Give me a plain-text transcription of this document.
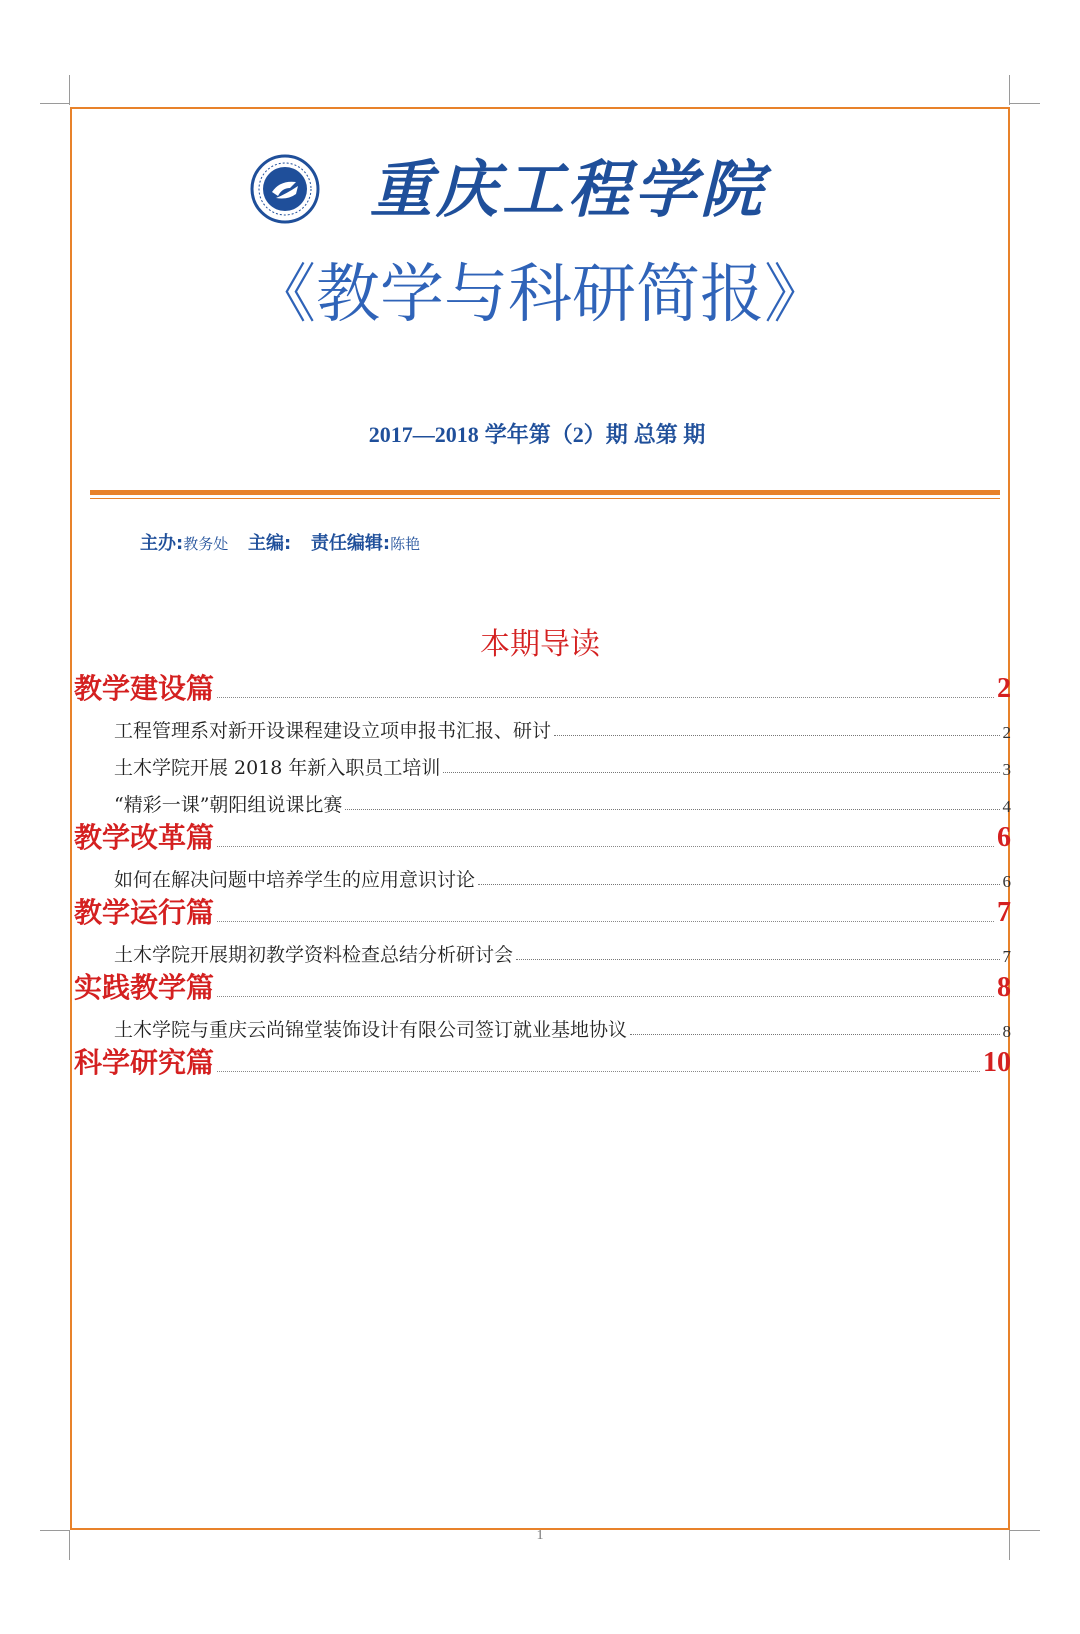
重庆工程学院
《教学与科研简报》
2017—2018 学年第（2）期 总第 期
主办:教务处 主编: 责任编辑:陈艳
本期导读
教学建设篇	2
工程管理系对新开设课程建设立项申报书汇报、研讨	2
土木学院开展 2018 年新入职员工培训	3
“精彩一课”朝阳组说课比赛	4
教学改革篇	6
如何在解决问题中培养学生的应用意识讨论	6
教学运行篇	7
土木学院开展期初教学资料检查总结分析研讨会	7
实践教学篇	8
土木学院与重庆云尚锦堂装饰设计有限公司签订就业基地协议	8
科学研究篇	10
1
